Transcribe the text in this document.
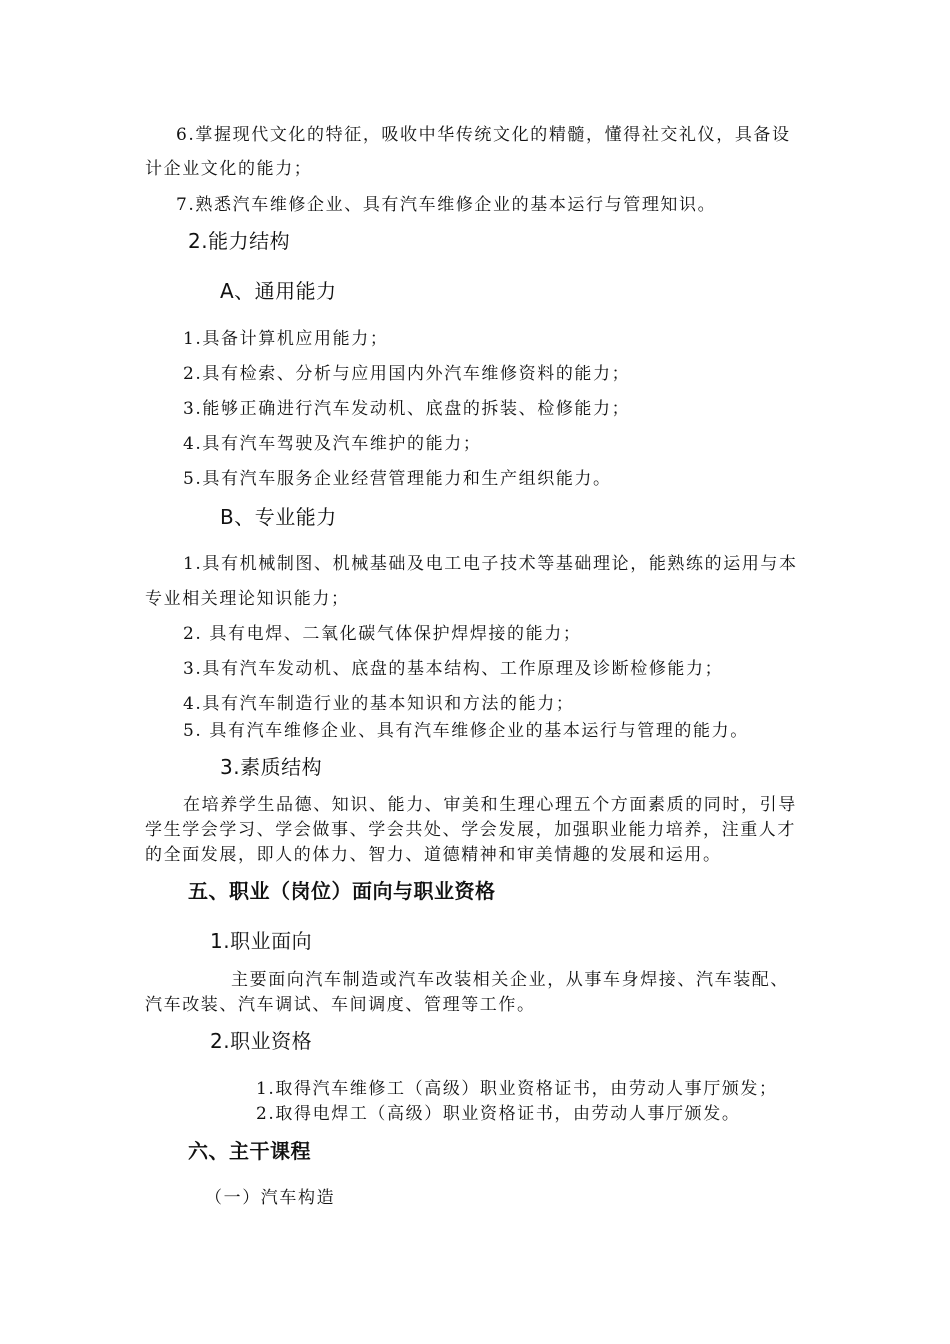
6.掌握现代文化的特征，吸收中华传统文化的精髓，懂得社交礼仪，具备设

计企业文化的能力；

7.熟悉汽车维修企业、具有汽车维修企业的基本运行与管理知识。

2.能力结构

A、通用能力

1.具备计算机应用能力；

2.具有检索、分析与应用国内外汽车维修资料的能力；

3.能够正确进行汽车发动机、底盘的拆装、检修能力；

4.具有汽车驾驶及汽车维护的能力；

5.具有汽车服务企业经营管理能力和生产组织能力。

B、专业能力

1.具有机械制图、机械基础及电工电子技术等基础理论，能熟练的运用与本

专业相关理论知识能力；

2. 具有电焊、二氧化碳气体保护焊焊接的能力；

3.具有汽车发动机、底盘的基本结构、工作原理及诊断检修能力；

4.具有汽车制造行业的基本知识和方法的能力；

5. 具有汽车维修企业、具有汽车维修企业的基本运行与管理的能力。

3.素质结构

在培养学生品德、知识、能力、审美和生理心理五个方面素质的同时，引导

学生学会学习、学会做事、学会共处、学会发展，加强职业能力培养，注重人才

的全面发展，即人的体力、智力、道德精神和审美情趣的发展和运用。

五、职业（岗位）面向与职业资格

1.职业面向

主要面向汽车制造或汽车改装相关企业，从事车身焊接、汽车装配、

汽车改装、汽车调试、车间调度、管理等工作。

2.职业资格

1.取得汽车维修工（高级）职业资格证书，由劳动人事厅颁发；

2.取得电焊工（高级）职业资格证书，由劳动人事厅颁发。

六、主干课程

（一）汽车构造
